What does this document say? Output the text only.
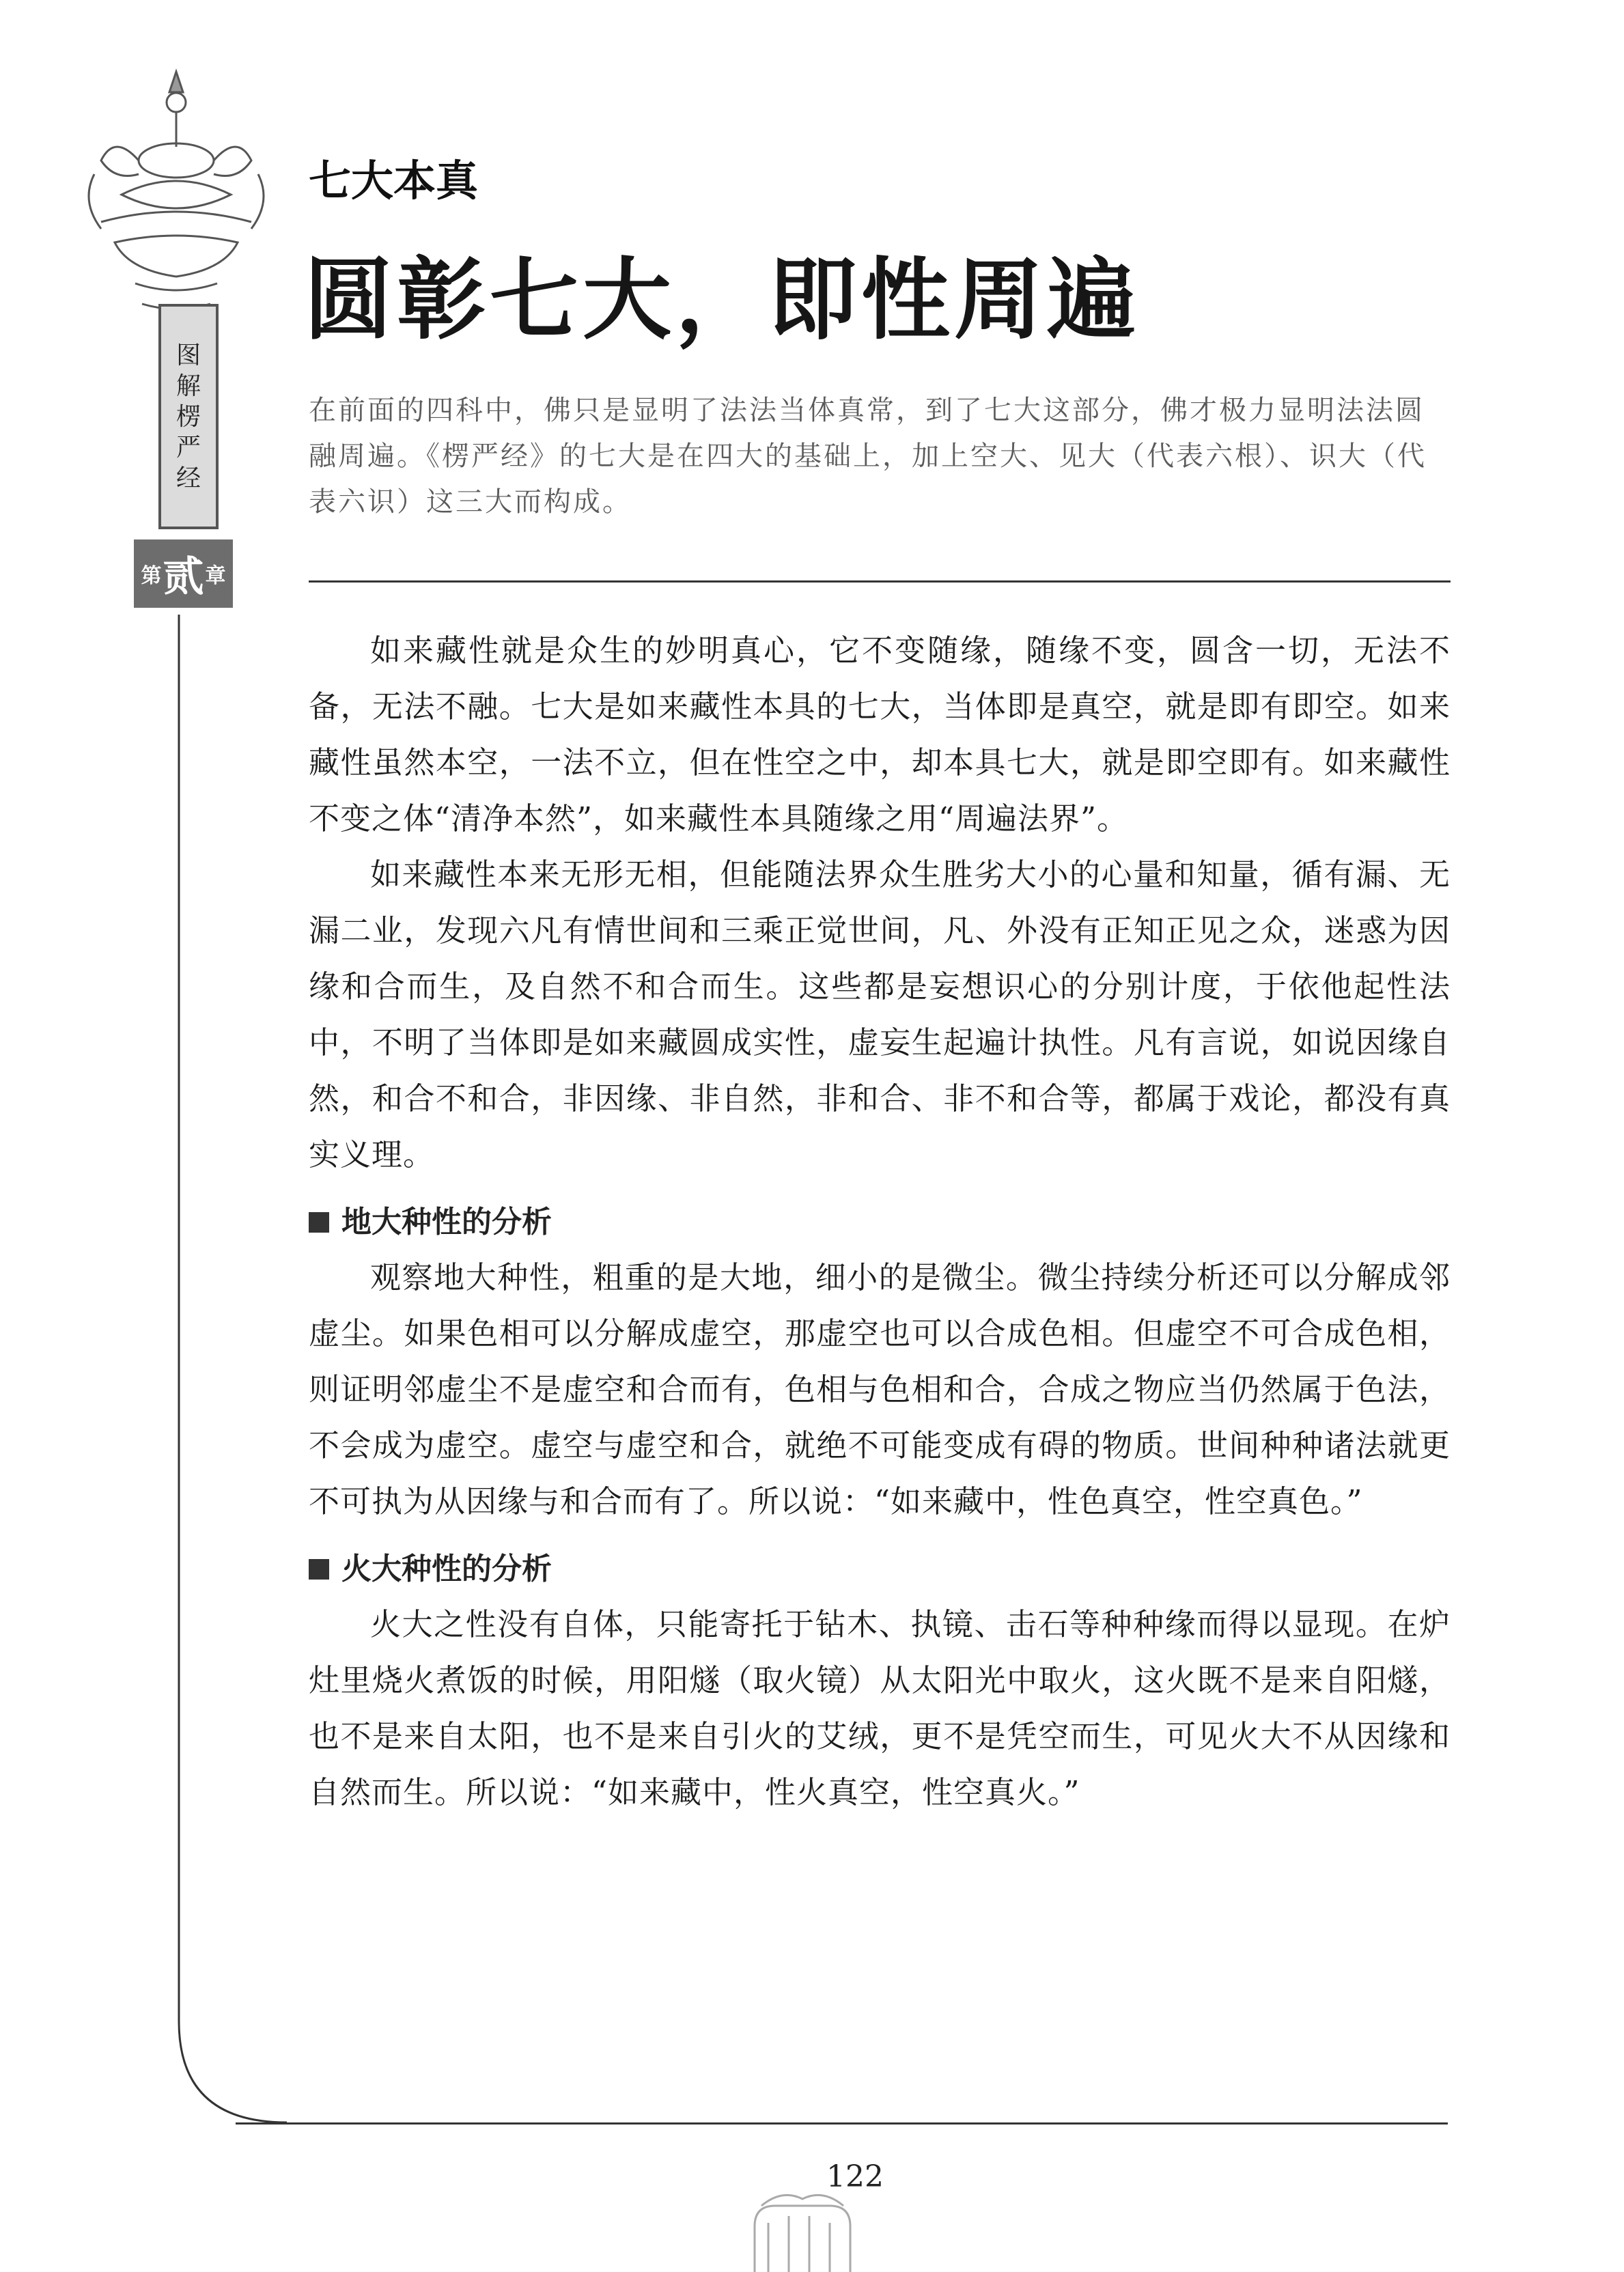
图
解
楞
严
经
第 贰 章
七大本真
圆彰七大，即性周遍
在前面的四科中，佛只是显明了法法当体真常，到了七大这部分，佛才极力显明法法圆融周遍。《楞严经》的七大是在四大的基础上，加上空大、见大（代表六根）、识大（代表六识）这三大而构成。

如来藏性就是众生的妙明真心，它不变随缘，随缘不变，圆含一切，无法不备，无法不融。七大是如来藏性本具的七大，当体即是真空，就是即有即空。如来藏性虽然本空，一法不立，但在性空之中，却本具七大，就是即空即有。如来藏性不变之体“清净本然”，如来藏性本具随缘之用“周遍法界”。

如来藏性本来无形无相，但能随法界众生胜劣大小的心量和知量，循有漏、无漏二业，发现六凡有情世间和三乘正觉世间，凡、外没有正知正见之众，迷惑为因缘和合而生，及自然不和合而生。这些都是妄想识心的分别计度，于依他起性法中，不明了当体即是如来藏圆成实性，虚妄生起遍计执性。凡有言说，如说因缘自然，和合不和合，非因缘、非自然，非和合、非不和合等，都属于戏论，都没有真实义理。

地大种性的分析

观察地大种性，粗重的是大地，细小的是微尘。微尘持续分析还可以分解成邻虚尘。如果色相可以分解成虚空，那虚空也可以合成色相。但虚空不可合成色相，则证明邻虚尘不是虚空和合而有，色相与色相和合，合成之物应当仍然属于色法，不会成为虚空。虚空与虚空和合，就绝不可能变成有碍的物质。世间种种诸法就更不可执为从因缘与和合而有了。所以说：“如来藏中，性色真空，性空真色。”

火大种性的分析

火大之性没有自体，只能寄托于钻木、执镜、击石等种种缘而得以显现。在炉灶里烧火煮饭的时候，用阳燧（取火镜）从太阳光中取火，这火既不是来自阳燧，也不是来自太阳，也不是来自引火的艾绒，更不是凭空而生，可见火大不从因缘和自然而生。所以说：“如来藏中，性火真空，性空真火。”

122
